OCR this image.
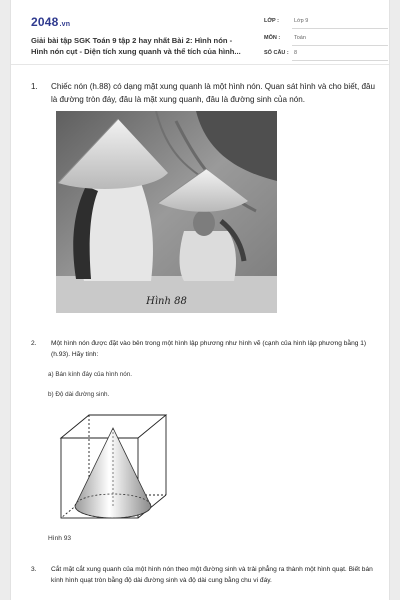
2048.vn
Giải bài tập SGK Toán 9 tập 2 hay nhất Bài 2: Hình nón - Hình nón cụt - Diện tích xung quanh và thể tích của hình...
LỚP :	Lớp 9
MÔN :	Toán
SỐ CÂU : 8
1. Chiếc nón (h.88) có dạng mặt xung quanh là một hình nón. Quan sát hình và cho biết, đâu là đường tròn đáy, đâu là mặt xung quanh, đâu là đường sinh của nón.
Hình 88
2. Một hình nón được đặt vào bên trong một hình lập phương như hình vẽ (cạnh của hình lập phương bằng 1) (h.93). Hãy tính:
a) Bán kính đáy của hình nón.
b) Độ dài đường sinh.
Hình 93
3. Cắt mặt cắt xung quanh của một hình nón theo một đường sinh và trải phẳng ra thành một hình quạt. Biết bán kính hình quạt tròn bằng độ dài đường sinh và độ dài cung bằng chu vi đáy.
